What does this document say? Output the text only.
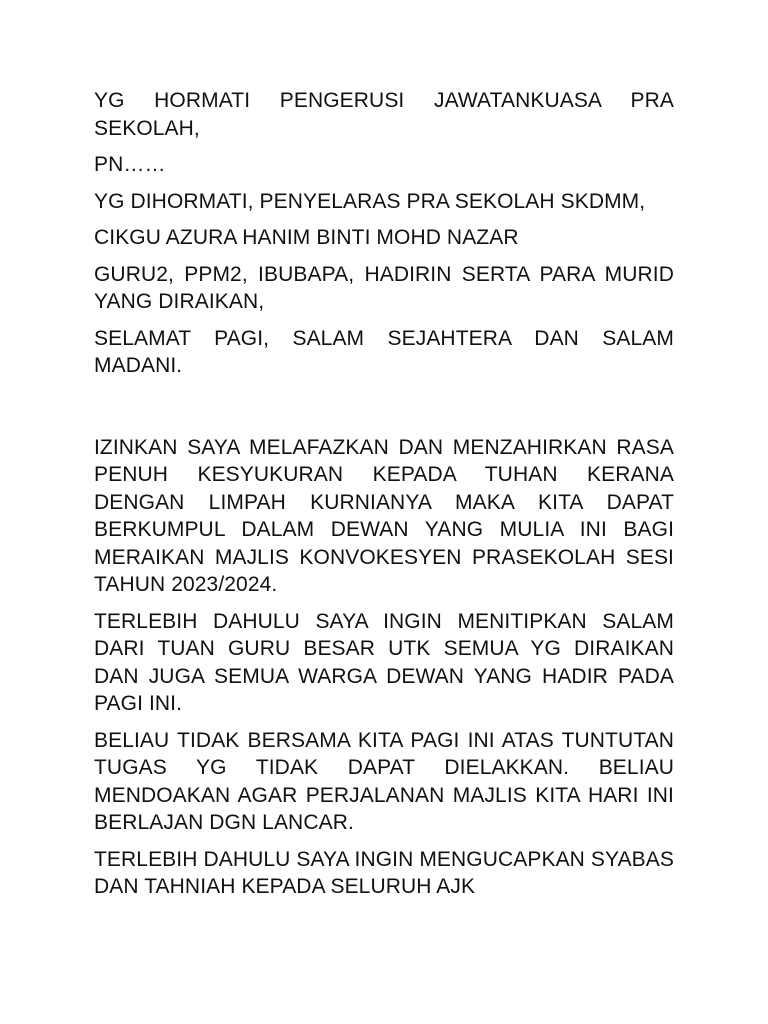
YG HORMATI PENGERUSI JAWATANKUASA PRA SEKOLAH,

PN……

YG DIHORMATI, PENYELARAS PRA SEKOLAH SKDMM,

CIKGU AZURA HANIM BINTI MOHD NAZAR

GURU2, PPM2, IBUBAPA, HADIRIN SERTA PARA MURID YANG DIRAIKAN,

SELAMAT PAGI, SALAM SEJAHTERA DAN SALAM MADANI.

IZINKAN SAYA MELAFAZKAN DAN MENZAHIRKAN RASA PENUH KESYUKURAN KEPADA TUHAN KERANA DENGAN LIMPAH KURNIANYA MAKA KITA DAPAT BERKUMPUL DALAM DEWAN YANG MULIA INI BAGI MERAIKAN MAJLIS KONVOKESYEN PRASEKOLAH SESI TAHUN 2023/2024.

TERLEBIH DAHULU SAYA INGIN MENITIPKAN SALAM DARI TUAN GURU BESAR UTK SEMUA YG DIRAIKAN DAN JUGA SEMUA WARGA DEWAN YANG HADIR PADA PAGI INI.

BELIAU TIDAK BERSAMA KITA PAGI INI ATAS TUNTUTAN TUGAS YG TIDAK DAPAT DIELAKKAN. BELIAU MENDOAKAN AGAR PERJALANAN MAJLIS KITA HARI INI BERLAJAN DGN LANCAR.

TERLEBIH DAHULU SAYA INGIN MENGUCAPKAN SYABAS DAN TAHNIAH KEPADA SELURUH AJK
